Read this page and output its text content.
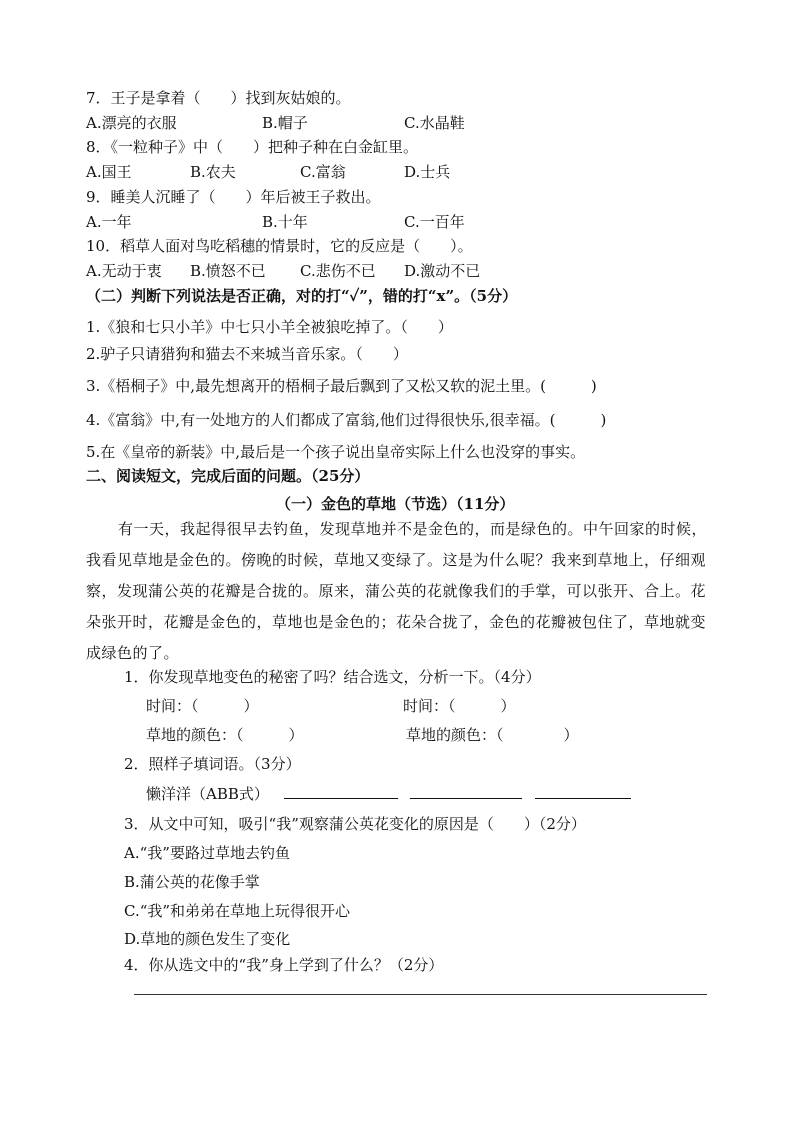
7．王子是拿着（　　）找到灰姑娘的。
A.漂亮的衣服	B.帽子	C.水晶鞋
8．《一粒种子》中（　　）把种子种在白金缸里。
A.国王	B.农夫	C.富翁	D.士兵
9．睡美人沉睡了（　　）年后被王子救出。
A.一年	B.十年	C.一百年
10．稻草人面对鸟吃稻穗的情景时，它的反应是（　　）。
A.无动于衷 B.愤怒不已 C.悲伤不已 D.激动不已
（二）判断下列说法是否正确，对的打“✓”，错的打“x”。（5分）
1.《狼和七只小羊》中七只小羊全被狼吃掉了。（　　）
2.驴子只请猎狗和猫去不来城当音乐家。（　　）
3.《梧桐子》中,最先想离开的梧桐子最后飘到了又松又软的泥土里。(　　　)
4.《富翁》中,有一处地方的人们都成了富翁,他们过得很快乐,很幸福。(　　　)
5.在《皇帝的新装》中,最后是一个孩子说出皇帝实际上什么也没穿的事实。
二、阅读短文，完成后面的问题。（25分）
（一）金色的草地（节选）（11分）
有一天，我起得很早去钓鱼，发现草地并不是金色的，而是绿色的。中午回家的时候，我看见草地是金色的。傍晚的时候，草地又变绿了。这是为什么呢？我来到草地上，仔细观察，发现蒲公英的花瓣是合拢的。原来，蒲公英的花就像我们的手掌，可以张开、合上。花朵张开时，花瓣是金色的，草地也是金色的；花朵合拢了，金色的花瓣被包住了，草地就变成绿色的了。
1．你发现草地变色的秘密了吗？结合选文，分析一下。（4分）
时间：（　　　）	时间：（　　　）
草地的颜色：（　　　）	草地的颜色：（　　　　）
2．照样子填词语。（3分）
懒洋洋（ABB式）
3．从文中可知，吸引“我”观察蒲公英花变化的原因是（　　）（2分）
A.“我”要路过草地去钓鱼
B.蒲公英的花像手掌
C.“我”和弟弟在草地上玩得很开心
D.草地的颜色发生了变化
4．你从选文中的“我”身上学到了什么？（2分）
